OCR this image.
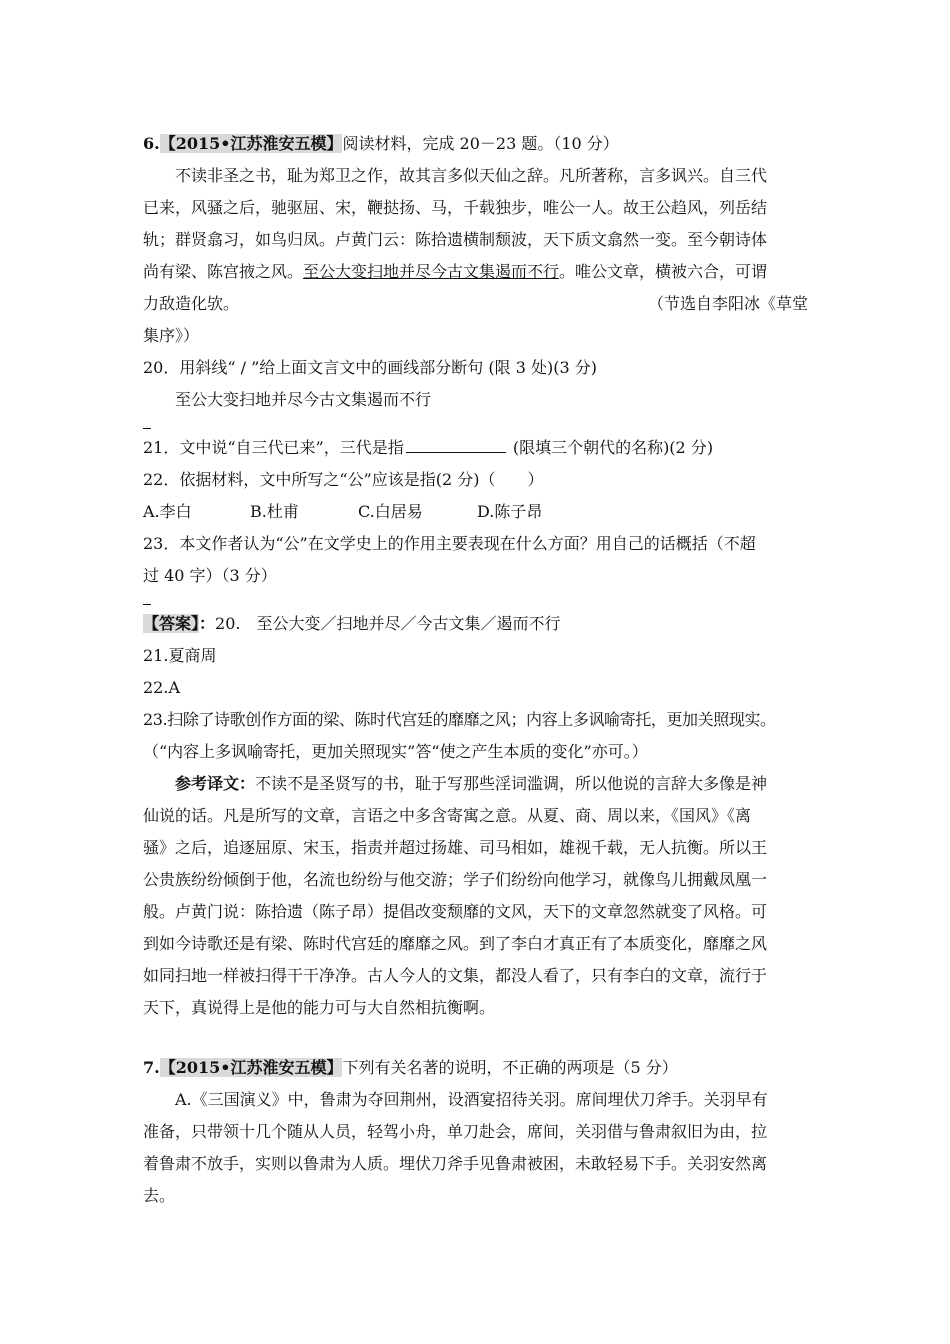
6.【2015•江苏淮安五模】阅读材料，完成 20－23 题。（10 分）
不读非圣之书，耻为郑卫之作，故其言多似天仙之辞。凡所著称，言多讽兴。自三代
已来，风骚之后，驰驱屈、宋，鞭挞扬、马，千载独步，唯公一人。故王公趋风，列岳结
轨；群贤翕习，如鸟归凤。卢黄门云：陈拾遗横制颓波，天下质文翕然一变。至今朝诗体
尚有梁、陈宫掖之风。至公大变扫地并尽今古文集遏而不行。唯公文章，横被六合，可谓
力敌造化欤。	（节选自李阳冰《草堂
集序》）
20．用斜线“ / ”给上面文言文中的画线部分断句 (限 3 处)(3 分)
至公大变扫地并尽今古文集遏而不行
21．文中说“自三代已来”，三代是指	(限填三个朝代的名称)(2 分)
22．依据材料，文中所写之“公”应该是指(2 分)（　　）
A.李白	B.杜甫	C.白居易	D.陈子昂
23．本文作者认为“公”在文学史上的作用主要表现在什么方面？用自己的话概括（不超
过 40 字）（3 分）
【答案】：20.　至公大变／扫地并尽／今古文集／遏而不行
21.夏商周
22.A
23.扫除了诗歌创作方面的梁、陈时代宫廷的靡靡之风；内容上多讽喻寄托，更加关照现实。
（“内容上多讽喻寄托，更加关照现实”答“使之产生本质的变化”亦可。）
参考译文：不读不是圣贤写的书，耻于写那些淫词滥调，所以他说的言辞大多像是神
仙说的话。凡是所写的文章，言语之中多含寄寓之意。从夏、商、周以来，《国风》《离
骚》之后，追逐屈原、宋玉，指责并超过扬雄、司马相如，雄视千载，无人抗衡。所以王
公贵族纷纷倾倒于他，名流也纷纷与他交游；学子们纷纷向他学习，就像鸟儿拥戴凤凰一
般。卢黄门说：陈拾遗（陈子昂）提倡改变颓靡的文风，天下的文章忽然就变了风格。可
到如今诗歌还是有梁、陈时代宫廷的靡靡之风。到了李白才真正有了本质变化，靡靡之风
如同扫地一样被扫得干干净净。古人今人的文集，都没人看了，只有李白的文章，流行于
天下，真说得上是他的能力可与大自然相抗衡啊。
7.【2015•江苏淮安五模】下列有关名著的说明，不正确的两项是（5 分）
A.《三国演义》中，鲁肃为夺回荆州，设酒宴招待关羽。席间埋伏刀斧手。关羽早有
准备，只带领十几个随从人员，轻驾小舟，单刀赴会，席间，关羽借与鲁肃叙旧为由，拉
着鲁肃不放手，实则以鲁肃为人质。埋伏刀斧手见鲁肃被困，未敢轻易下手。关羽安然离
去。
